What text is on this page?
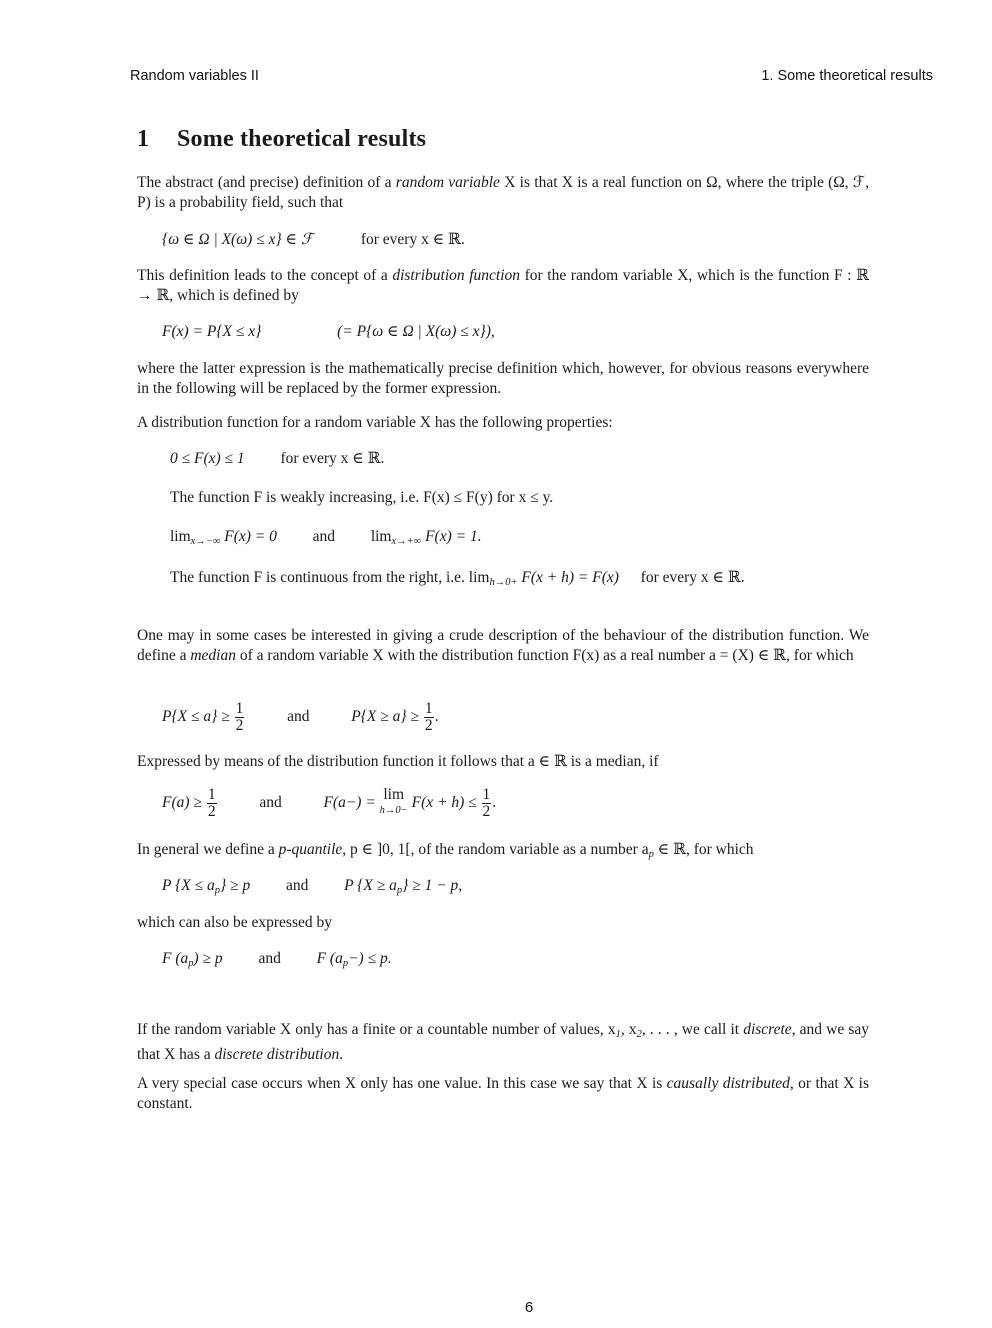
Random variables II	1. Some theoretical results
1 Some theoretical results
The abstract (and precise) definition of a random variable X is that X is a real function on Ω, where the triple (Ω, ℱ, P) is a probability field, such that
{ω ∈ Ω | X(ω) ≤ x} ∈ ℱ	for every x ∈ ℝ.
This definition leads to the concept of a distribution function for the random variable X, which is the function F : ℝ → ℝ, which is defined by
F(x) = P{X ≤ x}	(= P{ω ∈ Ω | X(ω) ≤ x}),
where the latter expression is the mathematically precise definition which, however, for obvious reasons everywhere in the following will be replaced by the former expression.
A distribution function for a random variable X has the following properties:
0 ≤ F(x) ≤ 1 for every x ∈ ℝ.
The function F is weakly increasing, i.e. F(x) ≤ F(y) for x ≤ y.
$\lim_{x\to-\infty} F(x) = 0$ and $\lim_{x\to+\infty} F(x) = 1$.
The function F is continuous from the right, i.e. $\lim_{h\to 0+} F(x + h) = F(x)$ for every x ∈ ℝ.
One may in some cases be interested in giving a crude description of the behaviour of the distribution function. We define a median of a random variable X with the distribution function F(x) as a real number a = (X) ∈ ℝ, for which
$P\{X \le a\} \ge \frac{1}{2}$	and	$P\{X \ge a\} \ge \frac{1}{2}$ .
Expressed by means of the distribution function it follows that a ∈ ℝ is a median, if
$F(a) \ge \frac{1}{2}$	and	F(a−) = lim
$h\to 0- F(x + h) \le \frac{1}{2}$ .
In general we define a p-quantile, p ∈ ]0, 1[, of the random variable as a number $a_p$ ∈ ℝ, for which
P $\{X \le a_p\} \ge p$ and P $\{X \ge a_p\} \ge 1 - p$,
which can also be expressed by
F $(a_p) \ge p$ and F $(a_p-) \le p$.
If the random variable X only has a finite or a countable number of values, $x_1$, $x_2$, . . . , we call it discrete, and we say that X has a discrete distribution.
A very special case occurs when X only has one value. In this case we say that X is causally distributed, or that X is constant.
6
